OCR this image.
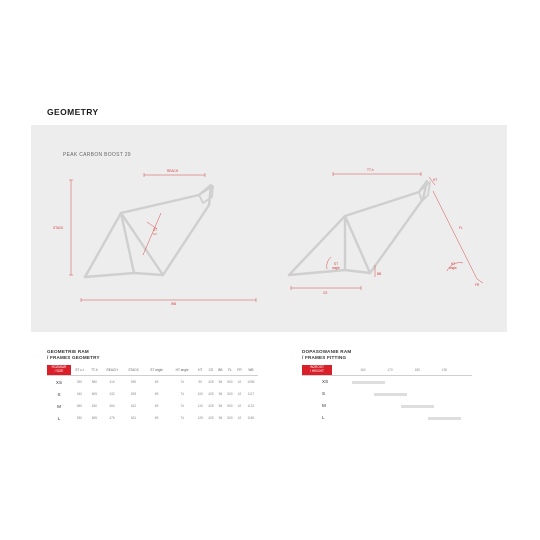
GEOMETRY
PEAK CARBON BOOST 29
REACH
STACK
WB
ST
c-t
TT-h
HT
FL
BB
CS
ST
angle
HT
angle
FR
GEOMETRIE RAM
/ FRAMES GEOMETRY
ROZMIAR
/ SIZE	ST c-t	TT-h	REACH	STACK	ST angle	HT angle	HT	CS	BB	FL	FR	WB
XS	390	580	410	590	69	74	90	425	58	500	42	1096
S	440	605	432	593	69	74	100	425	58	500	42	1117
M	480	630	454	612	69	74	110	425	58	500	42	1131
L	530	655	475	631	69	74	125	425	58	500	42	1160
DOPASOWANIE RAM
/ FRAMES FITTING
WZROST
/ HEIGHT	160	170	180	190
XS
S
M
L
